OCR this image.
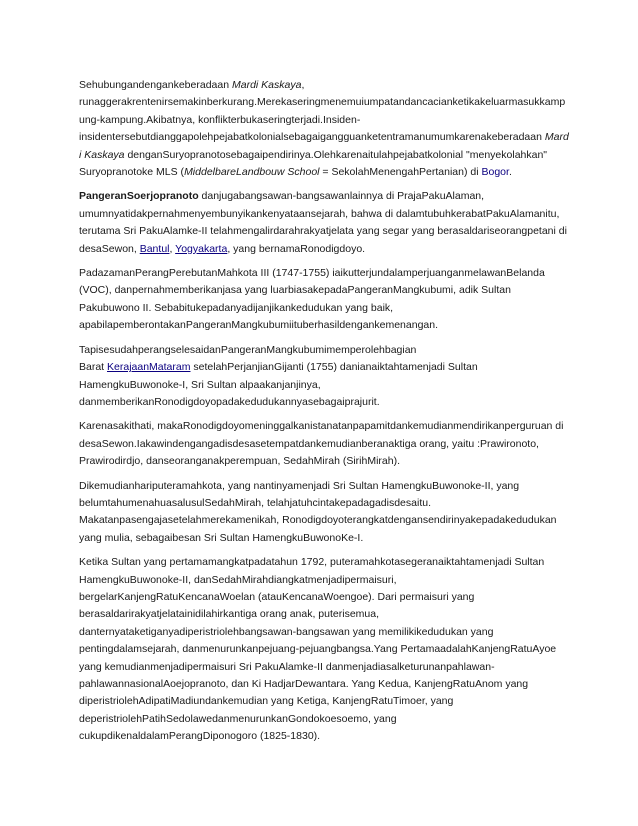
Sehubungandengankeberadaan Mardi Kaskaya,
runaggerakrentenirsemakinberkurang.Merekaseringmenemuiumpatandancacianketikakeluarmasukkamp
ung-kampung.Akibatnya, konflikterbukaseringterjadi.Insiden-
insidentersebutdianggapolehpejabatkolonialsebagaigangguanketentramanumumkarenakeberadaan Mard
i Kaskaya denganSuryopranotosebagaipendirinya.Olehkarenaitulahpejabatkolonial "menyekolahkan"
Suryopranotoke MLS (MiddelbareLandbouw School = SekolahMenengahPertanian) di Bogor.

PangeranSoerjopranoto danjugabangsawan-bangsawanlainnya di PrajaPakuAlaman,
umumnyatidakpernahmenyembunyikankenyataansejarah, bahwa di dalamtubuhkerabatPakuAlamanitu,
terutama Sri PakuAlamke-II telahmengalirdarahrakyatjelata yang segar yang berasaldariseorangpetani di
desaSewon, Bantul, Yogyakarta, yang bernamaRonodigdoyo.

PadazamanPerangPerebutanMahkota III (1747-1755) iaikutterjundalamperjuanganmelawanBelanda
(VOC), danpernahmemberikanjasa yang luarbiasakepadaPangeranMangkubumi, adik Sultan
Pakubuwono II. Sebabitukepadanyadijanjikankedudukan yang baik,
apabilapemberontakanPangeranMangkubumiituberhasildengankemenangan.

TapisesudahperangselesaidanPangeranMangkubumimemperolehbagian
Barat KerajaanMataram setelahPerjanjianGijanti (1755) danianaiktahtamenjadi Sultan
HamengkuBuwonoke-I, Sri Sultan alpaakanjanjinya,
danmemberikanRonodigdoyopadakedudukannyasebagaiprajurit.

Karenasakithati, makaRonodigdoyomeninggalkanistanatanpapamitdankemudianmendirikanperguruan di
desaSewon.Iakawindengangadisdesasetempatdankemudianberanaktiga orang, yaitu :Prawironoto,
Prawirodirdjo, danseoranganakperempuan, SedahMirah (SirihMirah).

Dikemudianhariputeramahkota, yang nantinyamenjadi Sri Sultan HamengkuBuwonoke-II, yang
belumtahumenahuasalusulSedahMirah, telahjatuhcintakepadagadisdesaitu.
Makatanpasengajasetelahmerekamenikah, Ronodigdoyoterangkatdengansendirinyakepadakedudukan
yang mulia, sebagaibesan Sri Sultan HamengkuBuwonoKe-I.

Ketika Sultan yang pertamamangkatpadatahun 1792, puteramahkotasegeranaiktahtamenjadi Sultan
HamengkuBuwonoke-II, danSedahMirahdiangkatmenjadipermaisuri,
bergelarKanjengRatuKencanaWoelan (atauKencanaWoengoe). Dari permaisuri yang
berasaldarirakyatjelatainidilahirkantiga orang anak, puterisemua,
danternyataketiganyadiperistriolehbangsawan-bangsawan yang memilikikedudukan yang
pentingdalamsejarah, danmenurunkanpejuang-pejuangbangsa.Yang PertamaadalahKanjengRatuAyoe
yang kemudianmenjadipermaisuri Sri PakuAlamke-II danmenjadiasalketurunanpahlawan-
pahlawannasionalAoejopranoto, dan Ki HadjarDewantara. Yang Kedua, KanjengRatuAnom yang
diperistriolehAdipatiMadiundankemudian yang Ketiga, KanjengRatuTimoer, yang
deperistriolehPatihSedolawedanmenurunkanGondokoesoemo, yang
cukupdikenaldalamPerangDiponogoro (1825-1830).
